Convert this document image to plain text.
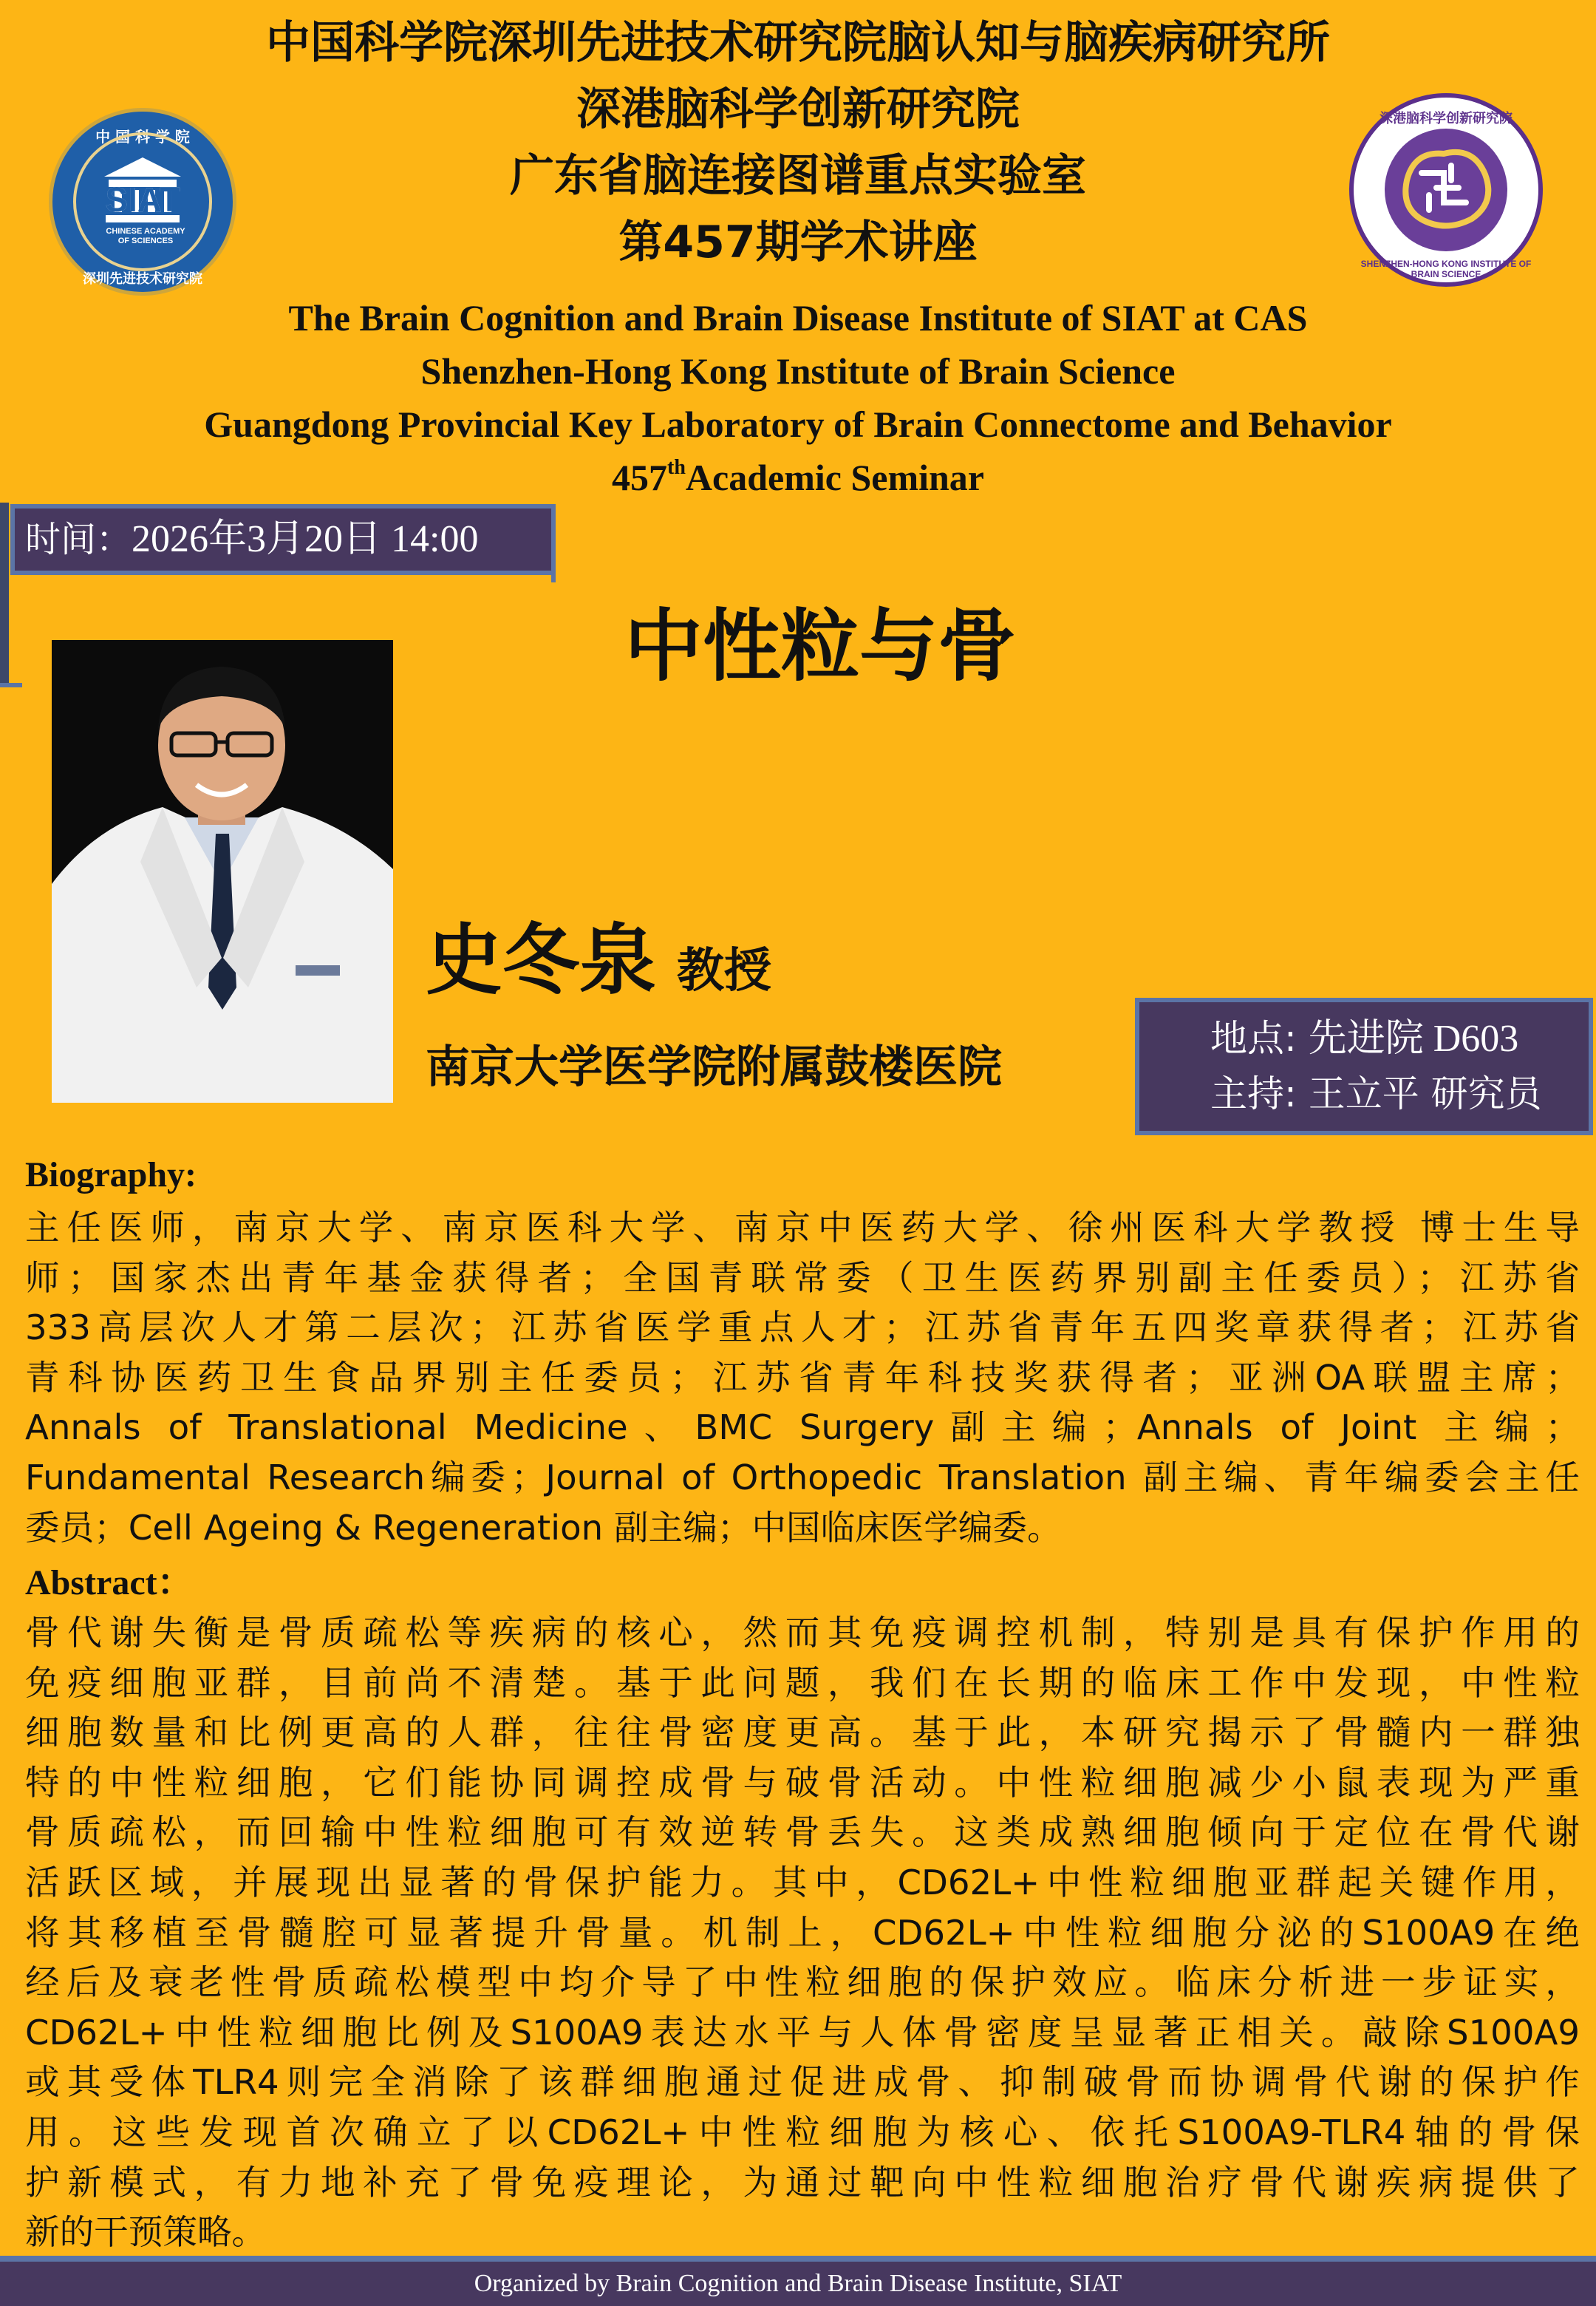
中国科学院深圳先进技术研究院脑认知与脑疾病研究所
深港脑科学创新研究院
广东省脑连接图谱重点实验室
第457期学术讲座
The Brain Cognition and Brain Disease Institute of SIAT at CAS
Shenzhen-Hong Kong Institute of Brain Science
Guangdong Provincial Key Laboratory of Brain Connectome and Behavior
457thAcademic Seminar
中 国 科 学 院
SIAT
CHINESE ACADEMY OF SCIENCES
深圳先进技术研究院
深港脑科学创新研究院
SHENZHEN-HONG KONG INSTITUTE OF BRAIN SCIENCE
时间：2026年3月20日 14:00
中性粒与骨
史冬泉 教授
南京大学医学院附属鼓楼医院
地点: 先进院 D603
主持: 王立平 研究员
Biography:
主任医师，南京大学、南京医科大学、南京中医药大学、徐州医科大学教授 博士生导
师；国家杰出青年基金获得者；全国青联常委（卫生医药界别副主任委员）；江苏省
333高层次人才第二层次；江苏省医学重点人才；江苏省青年五四奖章获得者；江苏省
青科协医药卫生食品界别主任委员；江苏省青年科技奖获得者；亚洲OA联盟主席；
Annals of Translational Medicine、BMC Surgery副主编；Annals of Joint 主编；
Fundamental Research编委；Journal of Orthopedic Translation 副主编、青年编委会主任
委员；Cell Ageing & Regeneration 副主编；中国临床医学编委。
Abstract：
骨代谢失衡是骨质疏松等疾病的核心，然而其免疫调控机制，特别是具有保护作用的
免疫细胞亚群，目前尚不清楚。基于此问题，我们在长期的临床工作中发现，中性粒
细胞数量和比例更高的人群，往往骨密度更高。基于此，本研究揭示了骨髓内一群独
特的中性粒细胞，它们能协同调控成骨与破骨活动。中性粒细胞减少小鼠表现为严重
骨质疏松，而回输中性粒细胞可有效逆转骨丢失。这类成熟细胞倾向于定位在骨代谢
活跃区域，并展现出显著的骨保护能力。其中，CD62L+中性粒细胞亚群起关键作用，
将其移植至骨髓腔可显著提升骨量。机制上，CD62L+中性粒细胞分泌的S100A9在绝
经后及衰老性骨质疏松模型中均介导了中性粒细胞的保护效应。临床分析进一步证实，
CD62L+中性粒细胞比例及S100A9表达水平与人体骨密度呈显著正相关。敲除S100A9
或其受体TLR4则完全消除了该群细胞通过促进成骨、抑制破骨而协调骨代谢的保护作
用。这些发现首次确立了以CD62L+中性粒细胞为核心、依托S100A9-TLR4轴的骨保
护新模式，有力地补充了骨免疫理论，为通过靶向中性粒细胞治疗骨代谢疾病提供了
新的干预策略。
Organized by Brain Cognition and Brain Disease Institute, SIAT
